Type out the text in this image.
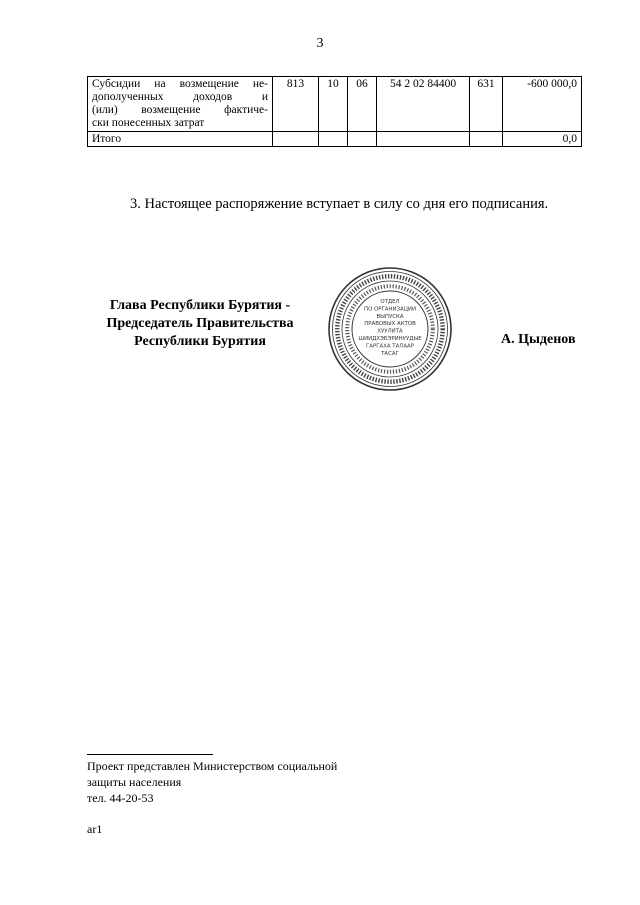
3
Субсидии на возмещение не-
дополученных доходов и
(или) возмещение фактиче-
ски понесенных затрат	813	10	06	54 2 02 84400	631	-600 000,0

Итого						0,0
3. Настоящее распоряжение вступает в силу со дня его подписания.
Глава Республики Бурятия -
Председатель Правительства
Республики Бурятия
ОТДЕЛ
ПО ОРГАНИЗАЦИИ
ВЫПУСКА
ПРАВОВЫХ АКТОВ
ХУУЛИТА
ШИИДХЭБЭРИНУУДЫЕ
ГАРГАХА ТАЛААР
ТАСАГ
А. Цыденов
Проект представлен Министерством социальной
защиты населения
тел. 44-20-53
ar1
